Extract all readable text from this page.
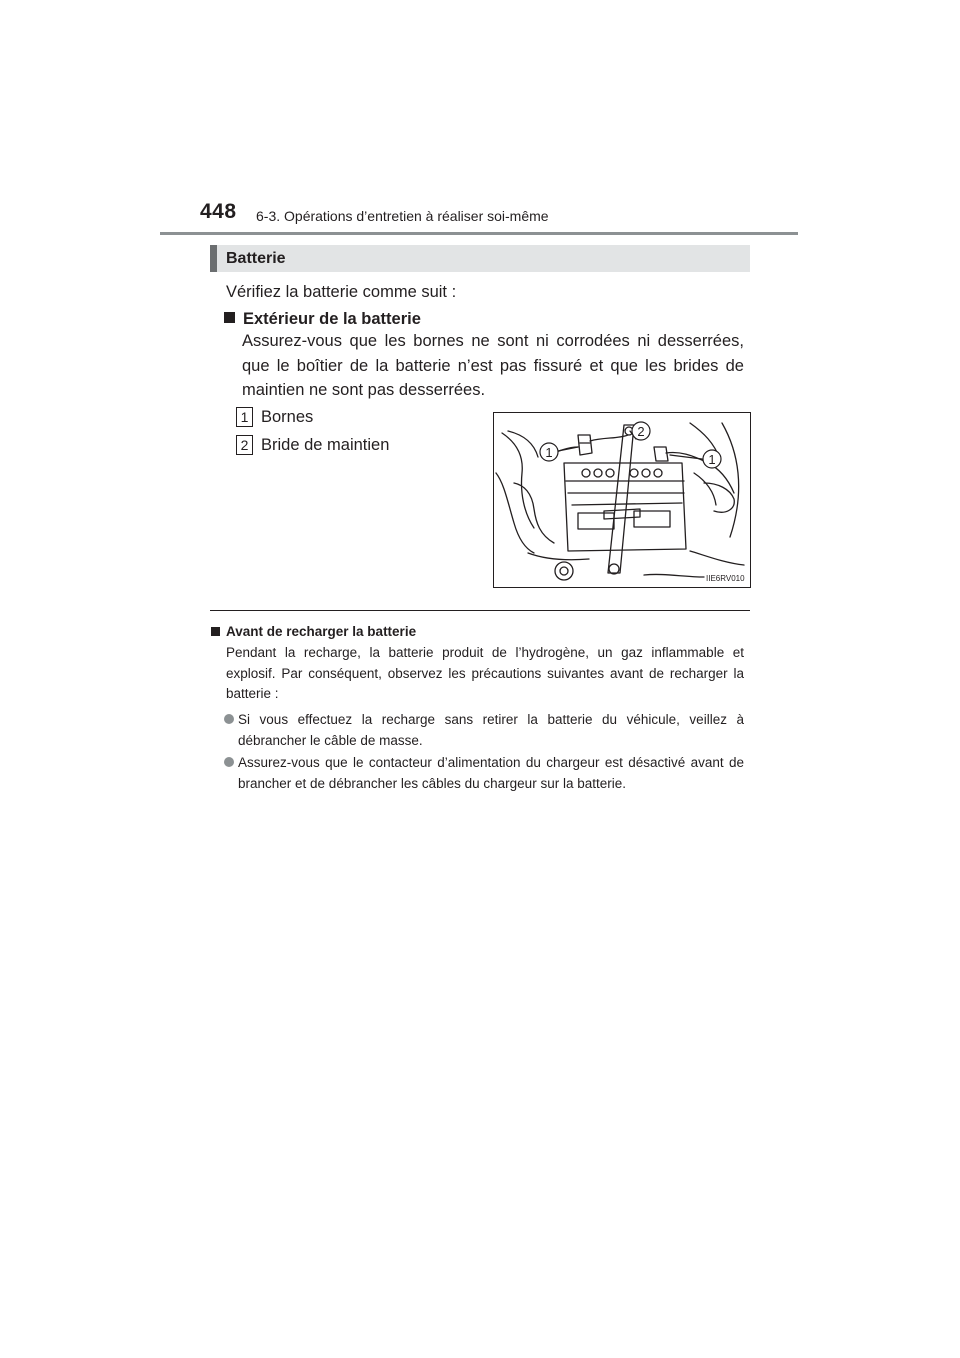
448 6-3. Opérations d’entretien à réaliser soi-même
Batterie
Vérifiez la batterie comme suit :
Extérieur de la batterie

Assurez-vous que les bornes ne sont ni corrodées ni desserrées, que le boîtier de la batterie n’est pas fissuré et que les brides de maintien ne sont pas desserrées.

1 Bornes
2 Bride de maintien	1
2
1
IIE6RV010
Avant de recharger la batterie

Pendant la recharge, la batterie produit de l’hydrogène, un gaz inflammable et explosif. Par conséquent, observez les précautions suivantes avant de recharger la batterie :

Si vous effectuez la recharge sans retirer la batterie du véhicule, veillez à débrancher le câble de masse.

Assurez-vous que le contacteur d’alimentation du chargeur est désactivé avant de brancher et de débrancher les câbles du chargeur sur la batterie.
